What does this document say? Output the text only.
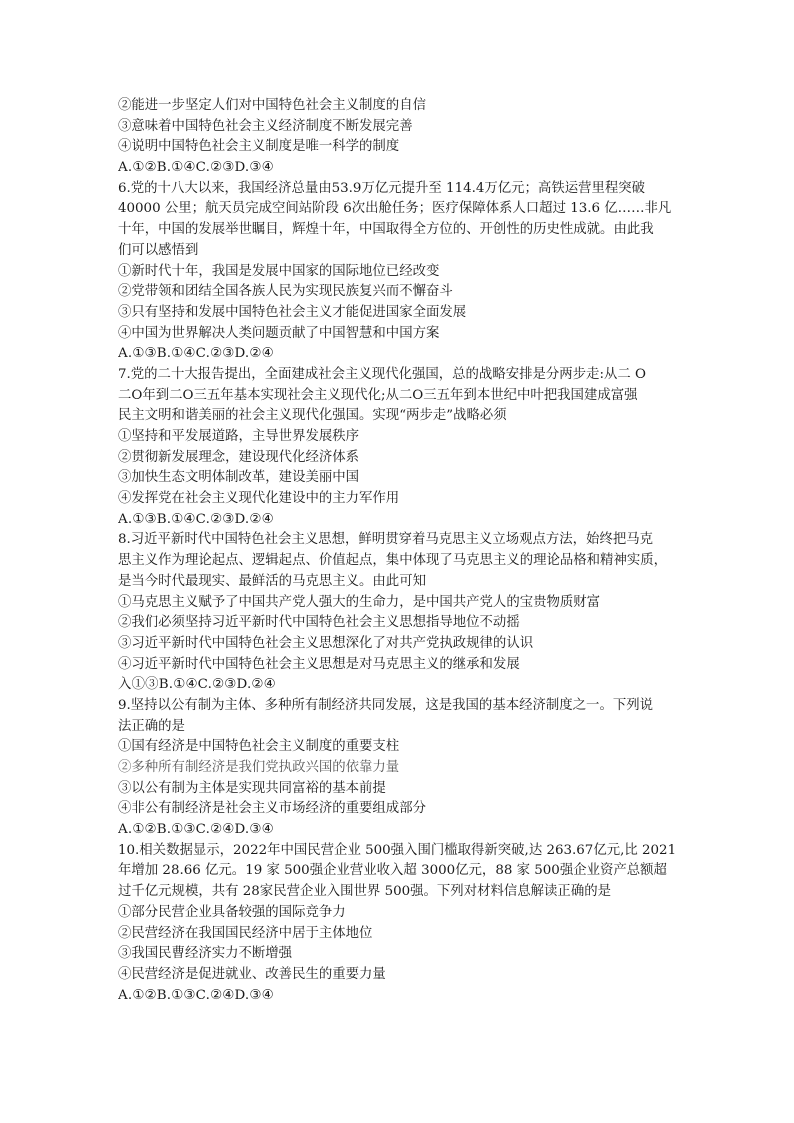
②能进一步坚定人们对中国特色社会主义制度的自信
③意味着中国特色社会主义经济制度不断发展完善
④说明中国特色社会主义制度是唯一科学的制度
A.①②B.①④C.②③D.③④
6.党的十八大以来，我国经济总量由53.9万亿元提升至 114.4万亿元；高铁运营里程突破
40000 公里；航天员完成空间站阶段 6次出舱任务；医疗保障体系人口超过 13.6 亿……非凡
十年，中国的发展举世瞩目，辉煌十年，中国取得全方位的、开创性的历史性成就。由此我
们可以感悟到
①新时代十年，我国是发展中国家的国际地位已经改变
②党带领和团结全国各族人民为实现民族复兴而不懈奋斗
③只有坚持和发展中国特色社会主义才能促进国家全面发展
④中国为世界解决人类问题贡献了中国智慧和中国方案
A.①③B.①④C.②③D.②④
7.党的二十大报告提出，全面建成社会主义现代化强国，总的战略安排是分两步走:从二 O
二O年到二O三五年基本实现社会主义现代化;从二O三五年到本世纪中叶把我国建成富强
民主文明和谐美丽的社会主义现代化强国。实现“两步走”战略必须
①坚持和平发展道路，主导世界发展秩序
②贯彻新发展理念，建设现代化经济体系
③加快生态文明体制改革，建设美丽中国
④发挥党在社会主义现代化建设中的主力军作用
A.①③B.①④C.②③D.②④
8.习近平新时代中国特色社会主义思想，鲜明贯穿着马克思主义立场观点方法，始终把马克
思主义作为理论起点、逻辑起点、价值起点，集中体现了马克思主义的理论品格和精神实质，
是当今时代最现实、最鲜活的马克思主义。由此可知
①马克思主义赋予了中国共产党人强大的生命力，是中国共产党人的宝贵物质财富
②我们必须坚持习近平新时代中国特色社会主义思想指导地位不动摇
③习近平新时代中国特色社会主义思想深化了对共产党执政规律的认识
④习近平新时代中国特色社会主义思想是对马克思主义的继承和发展
入①③B.①④C.②③D.②④
9.坚持以公有制为主体、多种所有制经济共同发展，这是我国的基本经济制度之一。下列说
法正确的是
①国有经济是中国特色社会主义制度的重要支柱
②多种所有制经济是我们党执政兴国的依靠力量
③以公有制为主体是实现共同富裕的基本前提
④非公有制经济是社会主义市场经济的重要组成部分
A.①②B.①③C.②④D.③④
10.相关数据显示，2022年中国民营企业 500强入围门槛取得新突破,达 263.67亿元,比 2021
年增加 28.66 亿元。19 家 500强企业营业收入超 3000亿元，88 家 500强企业资产总额超
过千亿元规模，共有 28家民营企业入围世界 500强。下列对材料信息解读正确的是
①部分民营企业具备较强的国际竞争力
②民营经济在我国国民经济中居于主体地位
③我国民曹经济实力不断增强
④民营经济是促进就业、改善民生的重要力量
A.①②B.①③C.②④D.③④
